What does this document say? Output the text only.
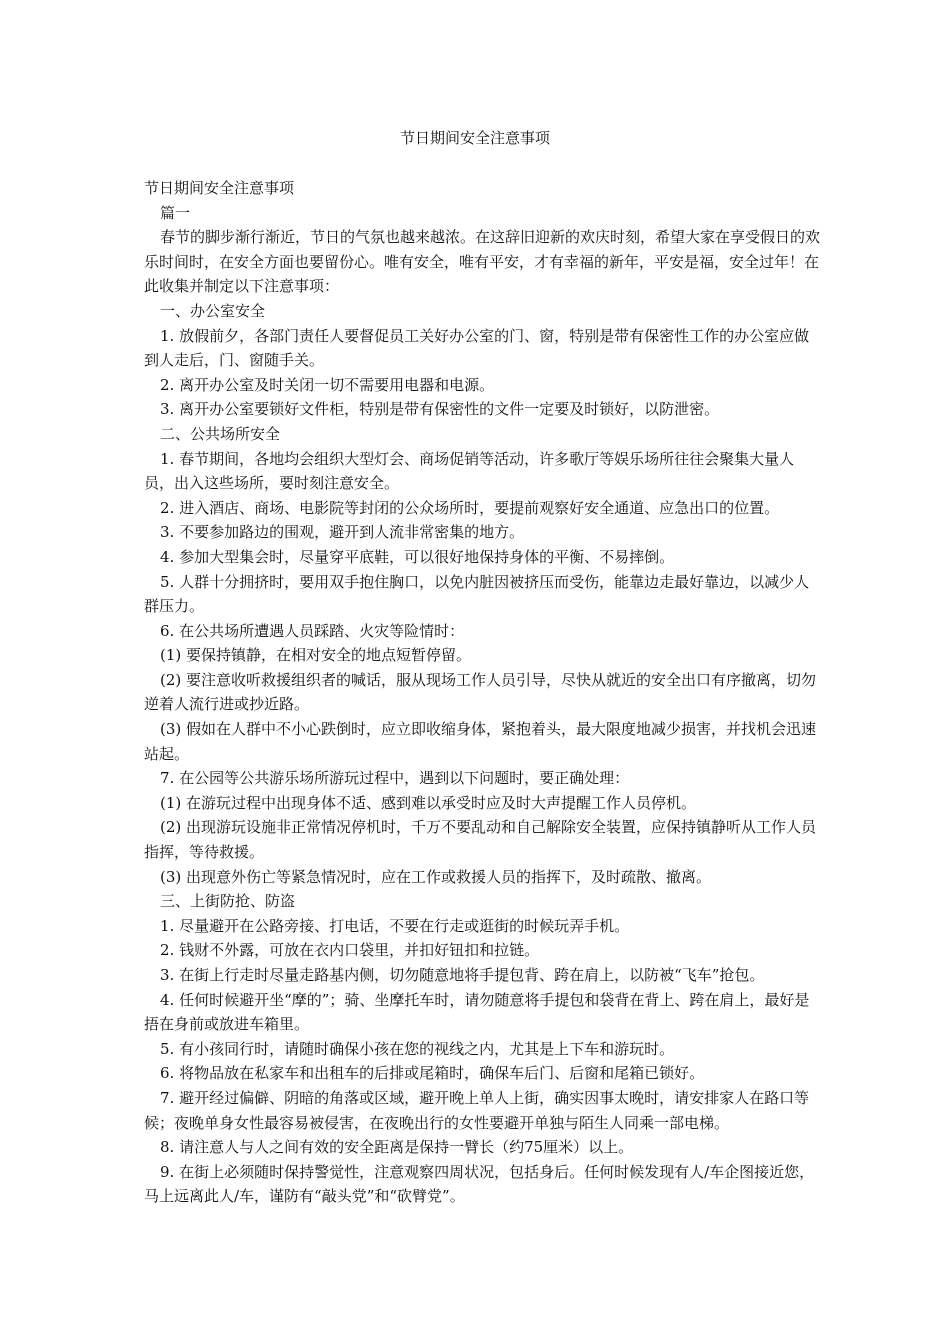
节日期间安全注意事项

节日期间安全注意事项

篇一

春节的脚步渐行渐近，节日的气氛也越来越浓。在这辞旧迎新的欢庆时刻，希望大家在享受假日的欢乐时间时，在安全方面也要留份心。唯有安全，唯有平安，才有幸福的新年，平安是福，安全过年！在此收集并制定以下注意事项：

一、办公室安全

1. 放假前夕，各部门责任人要督促员工关好办公室的门、窗，特别是带有保密性工作的办公室应做到人走后，门、窗随手关。

2. 离开办公室及时关闭一切不需要用电器和电源。

3. 离开办公室要锁好文件柜，特别是带有保密性的文件一定要及时锁好，以防泄密。

二、公共场所安全

1. 春节期间，各地均会组织大型灯会、商场促销等活动，许多歌厅等娱乐场所往往会聚集大量人员，出入这些场所，要时刻注意安全。

2. 进入酒店、商场、电影院等封闭的公众场所时，要提前观察好安全通道、应急出口的位置。

3. 不要参加路边的围观，避开到人流非常密集的地方。

4. 参加大型集会时，尽量穿平底鞋，可以很好地保持身体的平衡、不易摔倒。

5. 人群十分拥挤时，要用双手抱住胸口，以免内脏因被挤压而受伤，能靠边走最好靠边，以减少人群压力。

6. 在公共场所遭遇人员踩踏、火灾等险情时：

(1) 要保持镇静，在相对安全的地点短暂停留。

(2) 要注意收听救援组织者的喊话，服从现场工作人员引导，尽快从就近的安全出口有序撤离，切勿逆着人流行进或抄近路。

(3) 假如在人群中不小心跌倒时，应立即收缩身体，紧抱着头，最大限度地减少损害，并找机会迅速站起。

7. 在公园等公共游乐场所游玩过程中，遇到以下问题时，要正确处理：

(1) 在游玩过程中出现身体不适、感到难以承受时应及时大声提醒工作人员停机。

(2) 出现游玩设施非正常情况停机时，千万不要乱动和自己解除安全装置，应保持镇静听从工作人员指挥，等待救援。

(3) 出现意外伤亡等紧急情况时，应在工作或救援人员的指挥下，及时疏散、撤离。

三、上街防抢、防盗

1. 尽量避开在公路旁接、打电话，不要在行走或逛街的时候玩弄手机。

2. 钱财不外露，可放在衣内口袋里，并扣好钮扣和拉链。

3. 在街上行走时尽量走路基内侧，切勿随意地将手提包背、跨在肩上，以防被“飞车”抢包。

4. 任何时候避开坐“摩的”；骑、坐摩托车时，请勿随意将手提包和袋背在背上、跨在肩上，最好是捂在身前或放进车箱里。

5. 有小孩同行时，请随时确保小孩在您的视线之内，尤其是上下车和游玩时。

6. 将物品放在私家车和出租车的后排或尾箱时，确保车后门、后窗和尾箱已锁好。

7. 避开经过偏僻、阴暗的角落或区域，避开晚上单人上街，确实因事太晚时，请安排家人在路口等候；夜晚单身女性最容易被侵害，在夜晚出行的女性要避开单独与陌生人同乘一部电梯。

8. 请注意人与人之间有效的安全距离是保持一臂长（约75厘米）以上。

9. 在街上必须随时保持警觉性，注意观察四周状况，包括身后。任何时候发现有人/车企图接近您，马上远离此人/车，谨防有“敲头党”和“砍臂党”。
